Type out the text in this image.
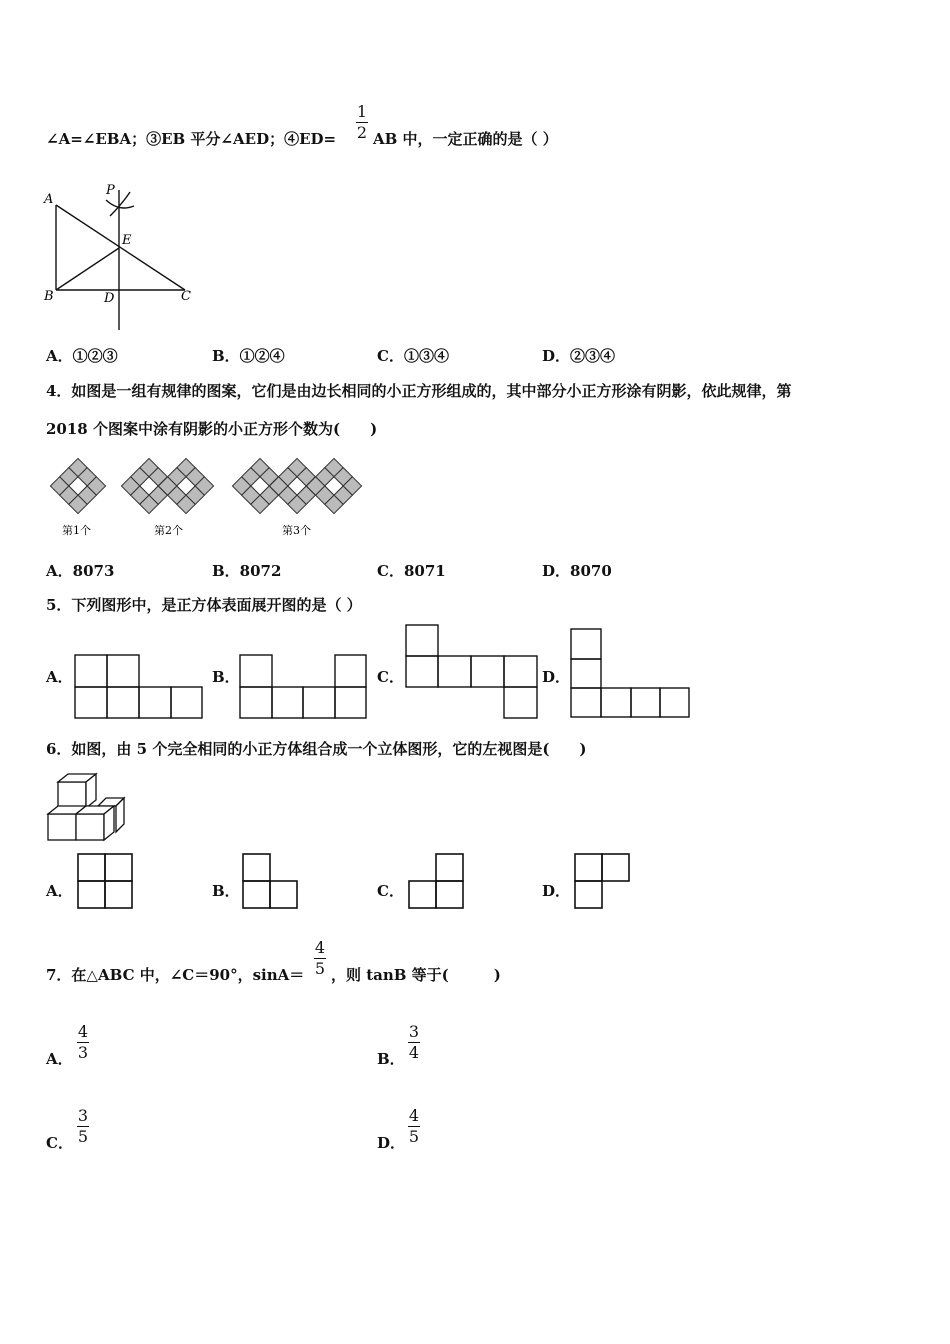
∠A=∠EBA；③EB 平分∠AED；④ED=
1
2 AB 中，一定正确的是（ ）
A
P
E
B	D	C
A．①②③	B．①②④	C．①③④	D．②③④
4．如图是一组有规律的图案，它们是由边长相同的小正方形组成的，其中部分小正方形涂有阴影，依此规律，第
2018 个图案中涂有阴影的小正方形个数为(　　)
第1个	第2个	第3个
A．8073	B．8072	C．8071	D．8070
5．下列图形中，是正方体表面展开图的是（ ）
A．	B．	C．	D．
6．如图，由 5 个完全相同的小正方体组合成一个立体图形，它的左视图是(　　)
A．	B．	C．	D．
7．在△ABC 中，∠C＝90°，sinA＝
4
5 ，则 tanB 等于(　　　)
A．
4
3	B．
3
4
C．
3
5	D．
4
5
